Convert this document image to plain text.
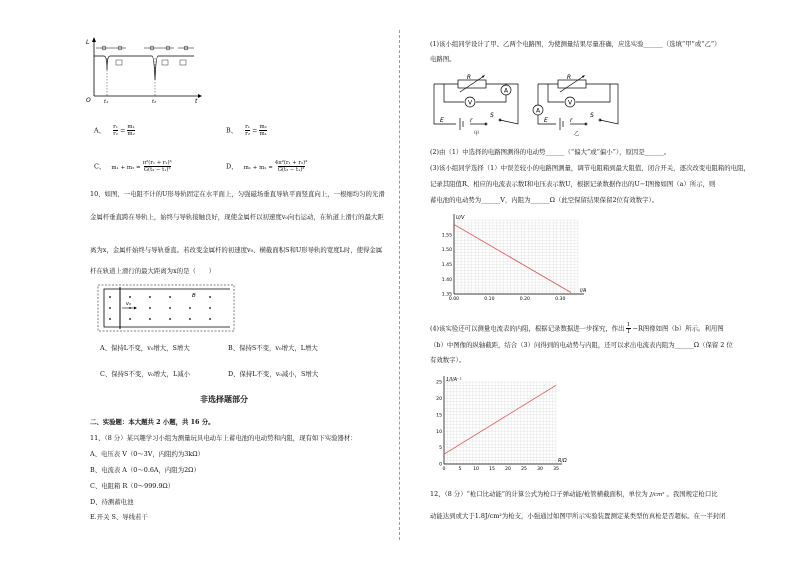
L
O	t₁	t₂	t
A、 $\frac{\text{r₁}}{\text{r₂}} = \frac{\text{m₁}}{\text{m₂}}$	B、 $\frac{\text{r₁}}{\text{r₂}} = \frac{\text{m₂}}{\text{m₁}}$
C、 $m_1 + m_2 = \frac{\text{π²(r₁ + r₂)³}}{\text{G(t₂ − t₁)²}}$	D、 $m_1 + m_2 = \frac{\text{4π²(r₁ + r₂)³}}{\text{G(t₂ − t₁)²}}$
10、如图，一电阻不计的U形导轨固定在水平面上，匀强磁场垂直导轨平面竖直向上，一根细均匀的光滑
金属杆垂直跨在导轨上，始终与导轨接触良好，现使金属杆以初速度v₀向右运动，在轨道上滑行的最大距
离为x，金属杆始终与导轨垂直。若改变金属杆的初速度v₀、横截面积S和U形导轨的宽度L时，使得金属
杆在轨道上滑行的最大距离为x的是（　　）
v₀
B
A、保持L不变，v₀增大，S增大	B、保持S不变，v₀增大，L增大
C、保持S不变，v₀增大，L减小	D、保持L不变，v₀减小，S增大
非选择题部分
二、实验题：本大题共 2 小题，共 16 分。
11、（8 分）某兴趣学习小组为测量玩具电动车上蓄电池的电动势和内阻，现有如下实验器材：
A、电压表 V（0～3V，内阻约为3kΩ）
B、电流表 A（0～0.6A，内阻为2Ω）
C、电阻箱 R（0～999.9Ω）
D、待测蓄电池
E.开关 S、导线若干
(1)该小组同学设计了甲、乙两个电路图，为使测量结果尽量准确，应选实验______（选填“甲”或“乙”）
电路图。
R
V
A
E	r
S
甲
R
V
A
E	r
S
乙
(2)由（1）中选择的电路图测得的电动势______（“偏大”或“偏小”），原因是______。
(3)该小组同学选择（1）中误差较小的电路图测量，调节电阻箱到最大阻值，闭合开关，逐次改变电阻箱的电阻，
记录其阻值R、相应的电流表示数I和电压表示数U，根据记录数据作出的U−I图像如图（a）所示，则
蓄电池的电动势为______V，内阻为______Ω（此空保留结果保留2位有效数字）。
0.00	0.10	0.20	0.30
1.35
1.40
1.45
1.50
1.55
I/A
U/V
(4)该实验还可以测量电流表的内阻，根据记录数据进一步探究，作出 $\frac{1}{I} -R$图像如图（b）所示。利用图
（b）中图像的纵轴截距，结合（3）问得到的电动势与内阻，还可以求出电流表内阻为______Ω（保留 2 位
有效数字）。
0	5	10 15 20 25 30 35
0
5
10
15
20
25
R/Ω
1/I/A⁻¹
12、（8 分）“枪口比动能”的计算公式为枪口子弹动能/枪管横截面积，单位为 J/cm² 。我国规定枪口比
动能达到或大于1.8J/cm²为枪支，小强通过如图甲所示实验装置测定某类型仿真枪是否超标。在一半封闭
